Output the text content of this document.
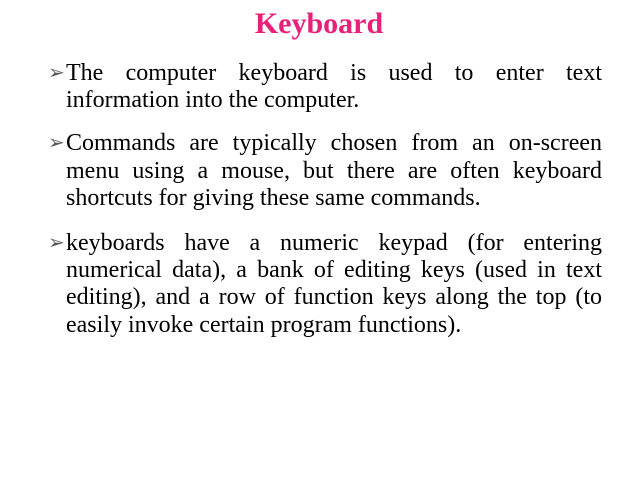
Keyboard
➢ The computer keyboard is used to enter text information into the computer.
➢ Commands are typically chosen from an on-screen menu using a mouse, but there are often keyboard shortcuts for giving these same commands.
➢ keyboards have a numeric keypad (for entering numerical data), a bank of editing keys (used in text editing), and a row of function keys along the top (to easily invoke certain program functions).
